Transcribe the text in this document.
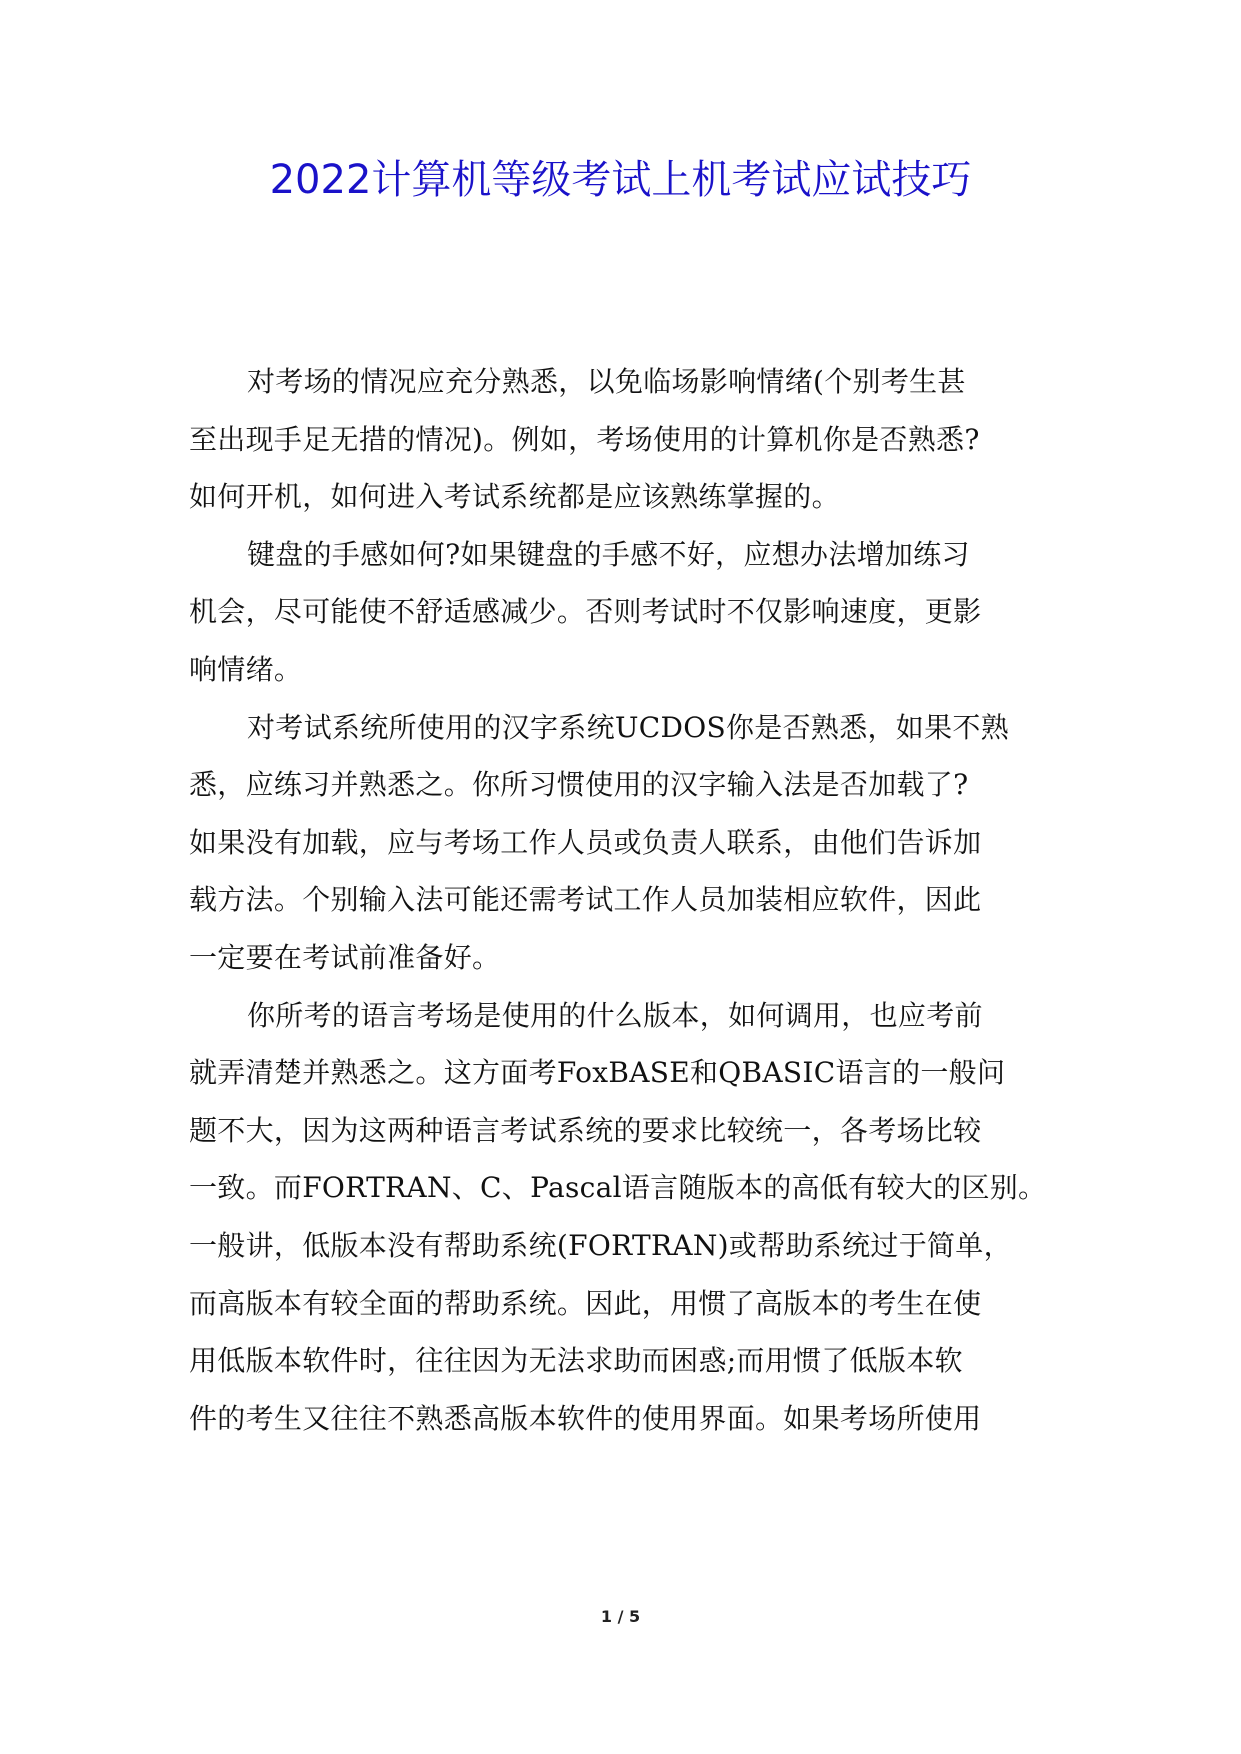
2022计算机等级考试上机考试应试技巧

对考场的情况应充分熟悉，以免临场影响情绪(个别考生甚
至出现手足无措的情况)。例如，考场使用的计算机你是否熟悉?
如何开机，如何进入考试系统都是应该熟练掌握的。

键盘的手感如何?如果键盘的手感不好，应想办法增加练习
机会，尽可能使不舒适感减少。否则考试时不仅影响速度，更影
响情绪。

对考试系统所使用的汉字系统UCDOS你是否熟悉，如果不熟
悉，应练习并熟悉之。你所习惯使用的汉字输入法是否加载了?
如果没有加载，应与考场工作人员或负责人联系，由他们告诉加
载方法。个别输入法可能还需考试工作人员加装相应软件，因此
一定要在考试前准备好。

你所考的语言考场是使用的什么版本，如何调用，也应考前
就弄清楚并熟悉之。这方面考FoxBASE和QBASIC语言的一般问
题不大，因为这两种语言考试系统的要求比较统一，各考场比较
一致。而FORTRAN、C、Pascal语言随版本的高低有较大的区别。
一般讲，低版本没有帮助系统(FORTRAN)或帮助系统过于简单，
而高版本有较全面的帮助系统。因此，用惯了高版本的考生在使
用低版本软件时，往往因为无法求助而困惑;而用惯了低版本软
件的考生又往往不熟悉高版本软件的使用界面。如果考场所使用

1 / 5
